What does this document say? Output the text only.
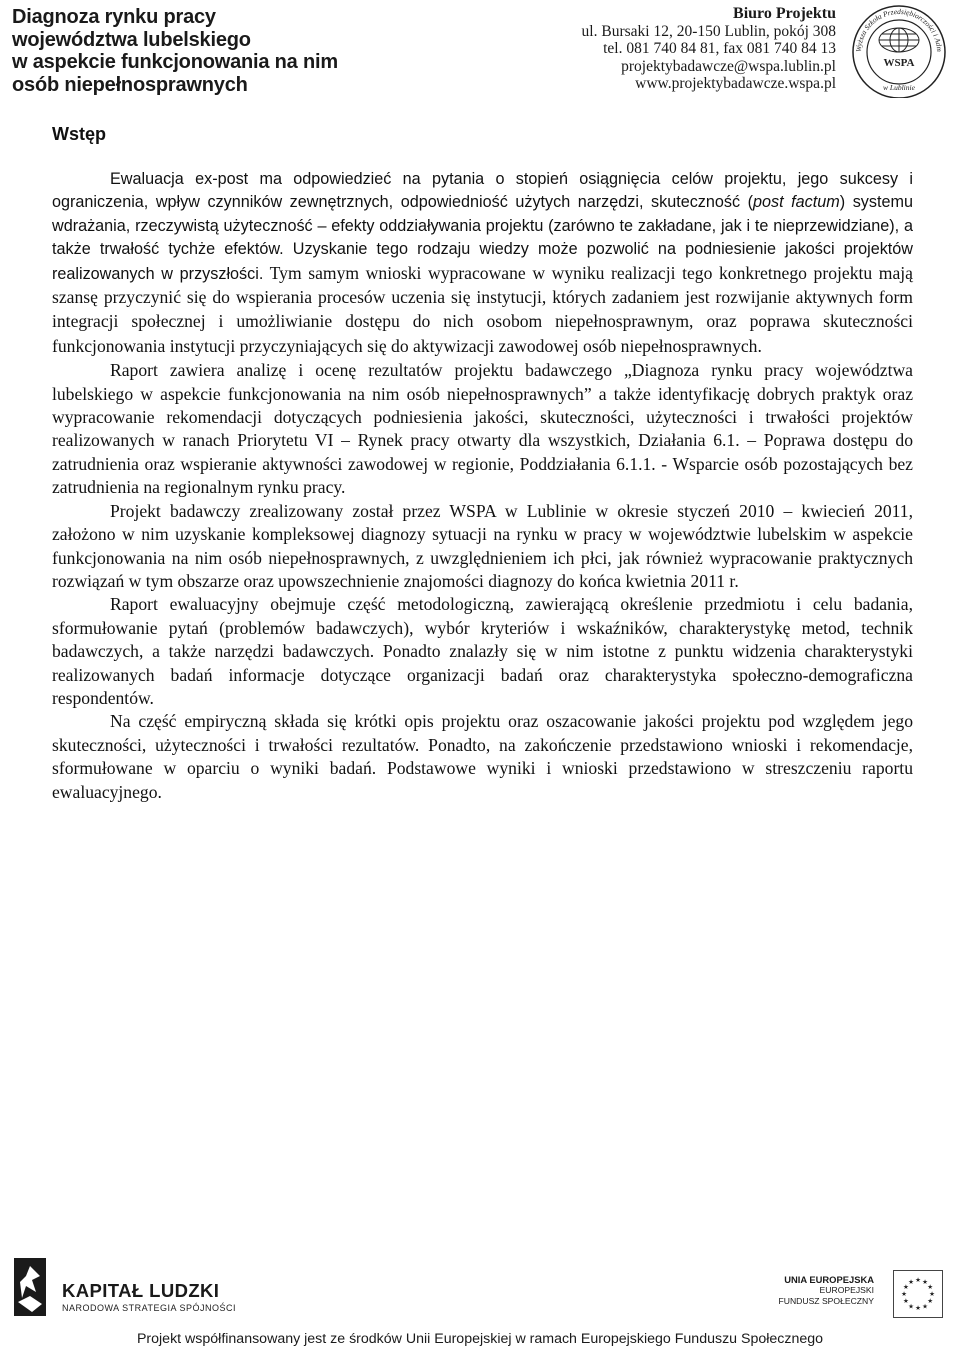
Diagnoza rynku pracy
województwa lubelskiego
w aspekcie funkcjonowania na nim
osób niepełnosprawnych
Biuro Projektu
ul. Bursaki 12, 20-150 Lublin, pokój 308
tel. 081 740 84 81, fax 081 740 84 13
projektybadawcze@wspa.lublin.pl
www.projektybadawcze.wspa.pl
Wyższa Szkoła Przedsiębiorczości i Adm
WSPA
w Lublinie
Wstęp

Ewaluacja ex-post ma odpowiedzieć na pytania o stopień osiągnięcia celów projektu, jego sukcesy i ograniczenia, wpływ czynników zewnętrznych, odpowiedniość użytych narzędzi, skuteczność (post factum) systemu wdrażania, rzeczywistą użyteczność – efekty oddziaływania projektu (zarówno te zakładane, jak i te nieprzewidziane), a także trwałość tychże efektów. Uzyskanie tego rodzaju wiedzy może pozwolić na podniesienie jakości projektów realizowanych w przyszłości. Tym samym wnioski wypracowane w wyniku realizacji tego konkretnego projektu mają szansę przyczynić się do wspierania procesów uczenia się instytucji, których zadaniem jest rozwijanie aktywnych form integracji społecznej i umożliwianie dostępu do nich osobom niepełnosprawnym, oraz poprawa skuteczności funkcjonowania instytucji przyczyniających się do aktywizacji zawodowej osób niepełnosprawnych.

Raport zawiera analizę i ocenę rezultatów projektu badawczego „Diagnoza rynku pracy województwa lubelskiego w aspekcie funkcjonowania na nim osób niepełnosprawnych” a także identyfikację dobrych praktyk oraz wypracowanie rekomendacji dotyczących podniesienia jakości, skuteczności, użyteczności i trwałości projektów realizowanych w ranach Priorytetu VI – Rynek pracy otwarty dla wszystkich, Działania 6.1. – Poprawa dostępu do zatrudnienia oraz wspieranie aktywności zawodowej w regionie, Poddziałania 6.1.1. - Wsparcie osób pozostających bez zatrudnienia na regionalnym rynku pracy.

Projekt badawczy zrealizowany został przez WSPA w Lublinie w okresie styczeń 2010 – kwiecień 2011, założono w nim uzyskanie kompleksowej diagnozy sytuacji na rynku w pracy w województwie lubelskim w aspekcie funkcjonowania na nim osób niepełnosprawnych, z uwzględnieniem ich płci, jak również wypracowanie praktycznych rozwiązań w tym obszarze oraz upowszechnienie znajomości diagnozy do końca kwietnia 2011 r.

Raport ewaluacyjny obejmuje część metodologiczną, zawierającą określenie przedmiotu i celu badania, sformułowanie pytań (problemów badawczych), wybór kryteriów i wskaźników, charakterystykę metod, technik badawczych, a także narzędzi badawczych. Ponadto znalazły się w nim istotne z punktu widzenia charakterystyki realizowanych badań informacje dotyczące organizacji badań oraz charakterystyka społeczno-demograficzna respondentów.

Na część empiryczną składa się krótki opis projektu oraz oszacowanie jakości projektu pod względem jego skuteczności, użyteczności i trwałości rezultatów. Ponadto, na zakończenie przedstawiono wnioski i rekomendacje, sformułowane w oparciu o wyniki badań. Podstawowe wyniki i wnioski przedstawiono w streszczeniu raportu ewaluacyjnego.

KAPITAŁ LUDZKI
NARODOWA STRATEGIA SPÓJNOŚCI
UNIA EUROPEJSKA
EUROPEJSKI
FUNDUSZ SPOŁECZNY
★
★
★
★
★
★
★
★
★ ★ ★
★
Projekt współfinansowany jest ze środków Unii Europejskiej w ramach Europejskiego Funduszu Społecznego
